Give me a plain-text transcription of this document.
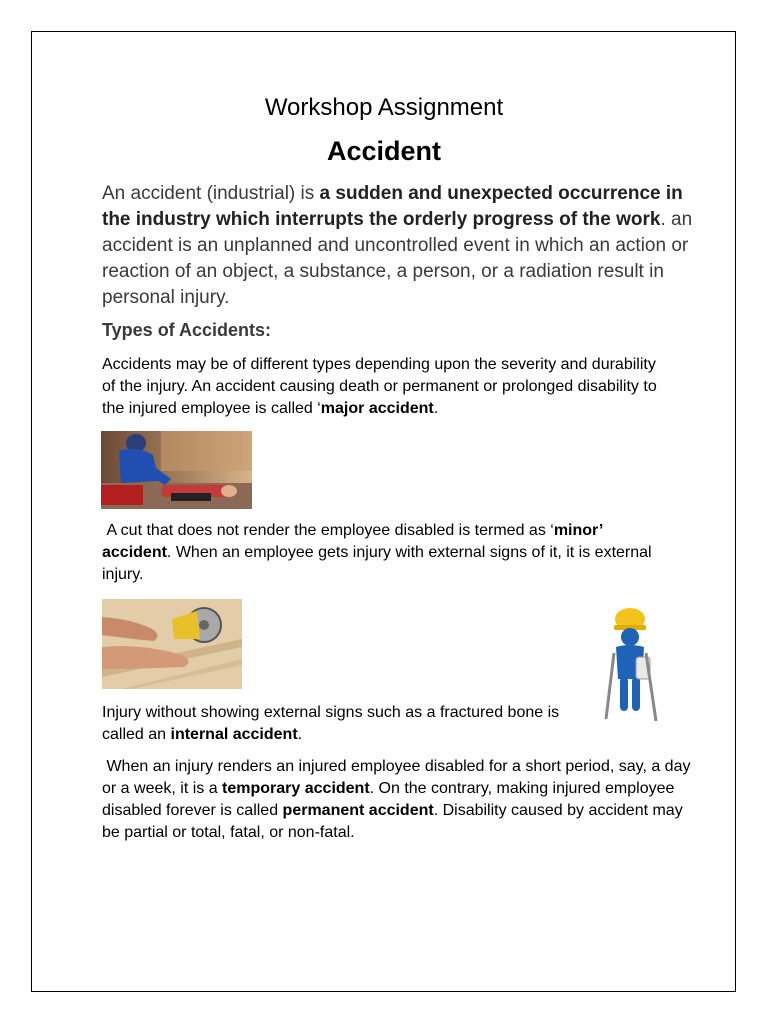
Workshop Assignment
Accident

An accident (industrial) is a sudden and unexpected occurrence in the industry which interrupts the orderly progress of the work. an accident is an unplanned and uncontrolled event in which an action or reaction of an object, a substance, a person, or a radiation result in personal injury.

Types of Accidents:

Accidents may be of different types depending upon the severity and durability of the injury. An accident causing death or permanent or prolonged disability to the injured employee is called ‘major accident.

A cut that does not render the employee disabled is termed as ‘minor’ accident. When an employee gets injury with external signs of it, it is external injury.

Injury without showing external signs such as a fractured bone is called an internal accident.

When an injury renders an injured employee disabled for a short period, say, a day or a week, it is a temporary accident. On the contrary, making injured employee disabled forever is called permanent accident. Disability caused by accident may be partial or total, fatal, or non-fatal.
